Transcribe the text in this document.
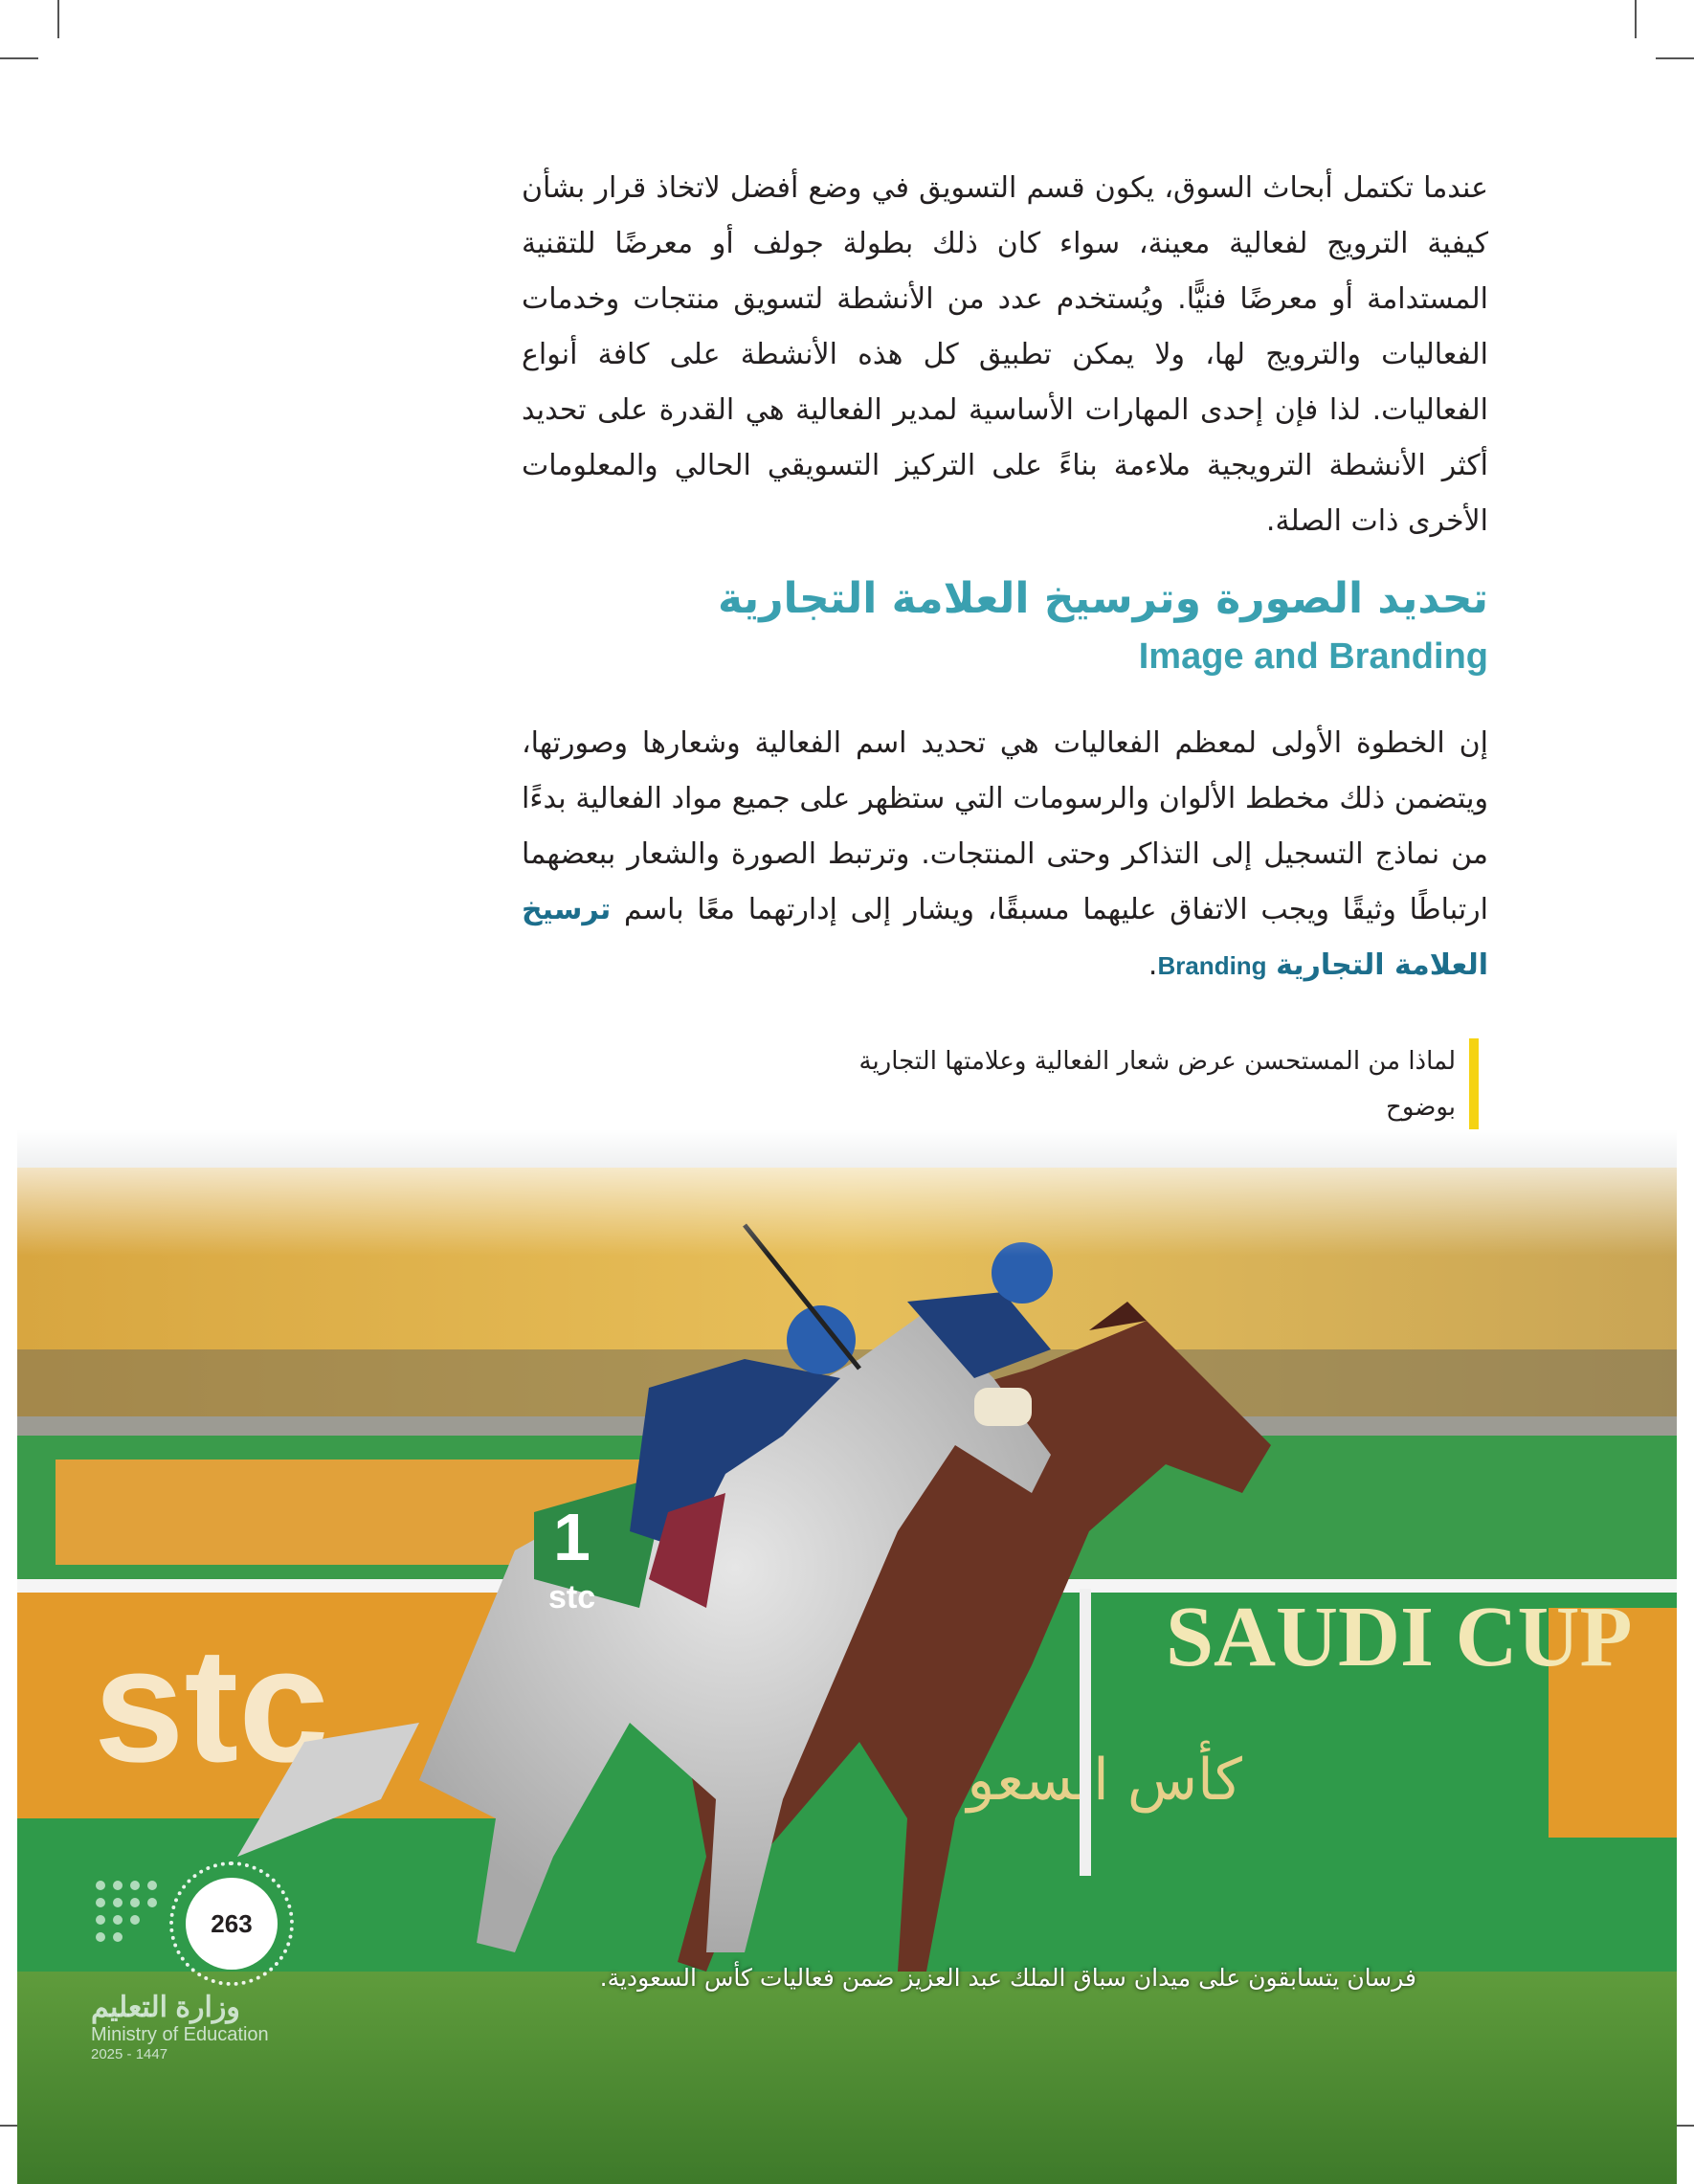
عندما تكتمل أبحاث السوق، يكون قسم التسويق في وضع أفضل لاتخاذ قرار بشأن كيفية الترويج لفعالية معينة، سواء كان ذلك بطولة جولف أو معرضًا للتقنية المستدامة أو معرضًا فنيًّا. ويُستخدم عدد من الأنشطة لتسويق منتجات وخدمات الفعاليات والترويج لها، ولا يمكن تطبيق كل هذه الأنشطة على كافة أنواع الفعاليات. لذا فإن إحدى المهارات الأساسية لمدير الفعالية هي القدرة على تحديد أكثر الأنشطة الترويجية ملاءمة بناءً على التركيز التسويقي الحالي والمعلومات الأخرى ذات الصلة.

تحديد الصورة وترسيخ العلامة التجارية
Image and Branding

إن الخطوة الأولى لمعظم الفعاليات هي تحديد اسم الفعالية وشعارها وصورتها، ويتضمن ذلك مخطط الألوان والرسومات التي ستظهر على جميع مواد الفعالية بدءًا من نماذج التسجيل إلى التذاكر وحتى المنتجات. وترتبط الصورة والشعار ببعضهما ارتباطًا وثيقًا ويجب الاتفاق عليهما مسبقًا، ويشار إلى إدارتهما معًا باسم ترسيخ العلامة التجارية Branding.

لماذا من المستحسن عرض شعار الفعالية وعلامتها التجارية بوضوح
263
وزارة التعليم
Ministry of Education
2025 - 1447
فرسان يتسابقون على ميدان سباق الملك عبد العزيز ضمن فعاليات كأس السعودية.
